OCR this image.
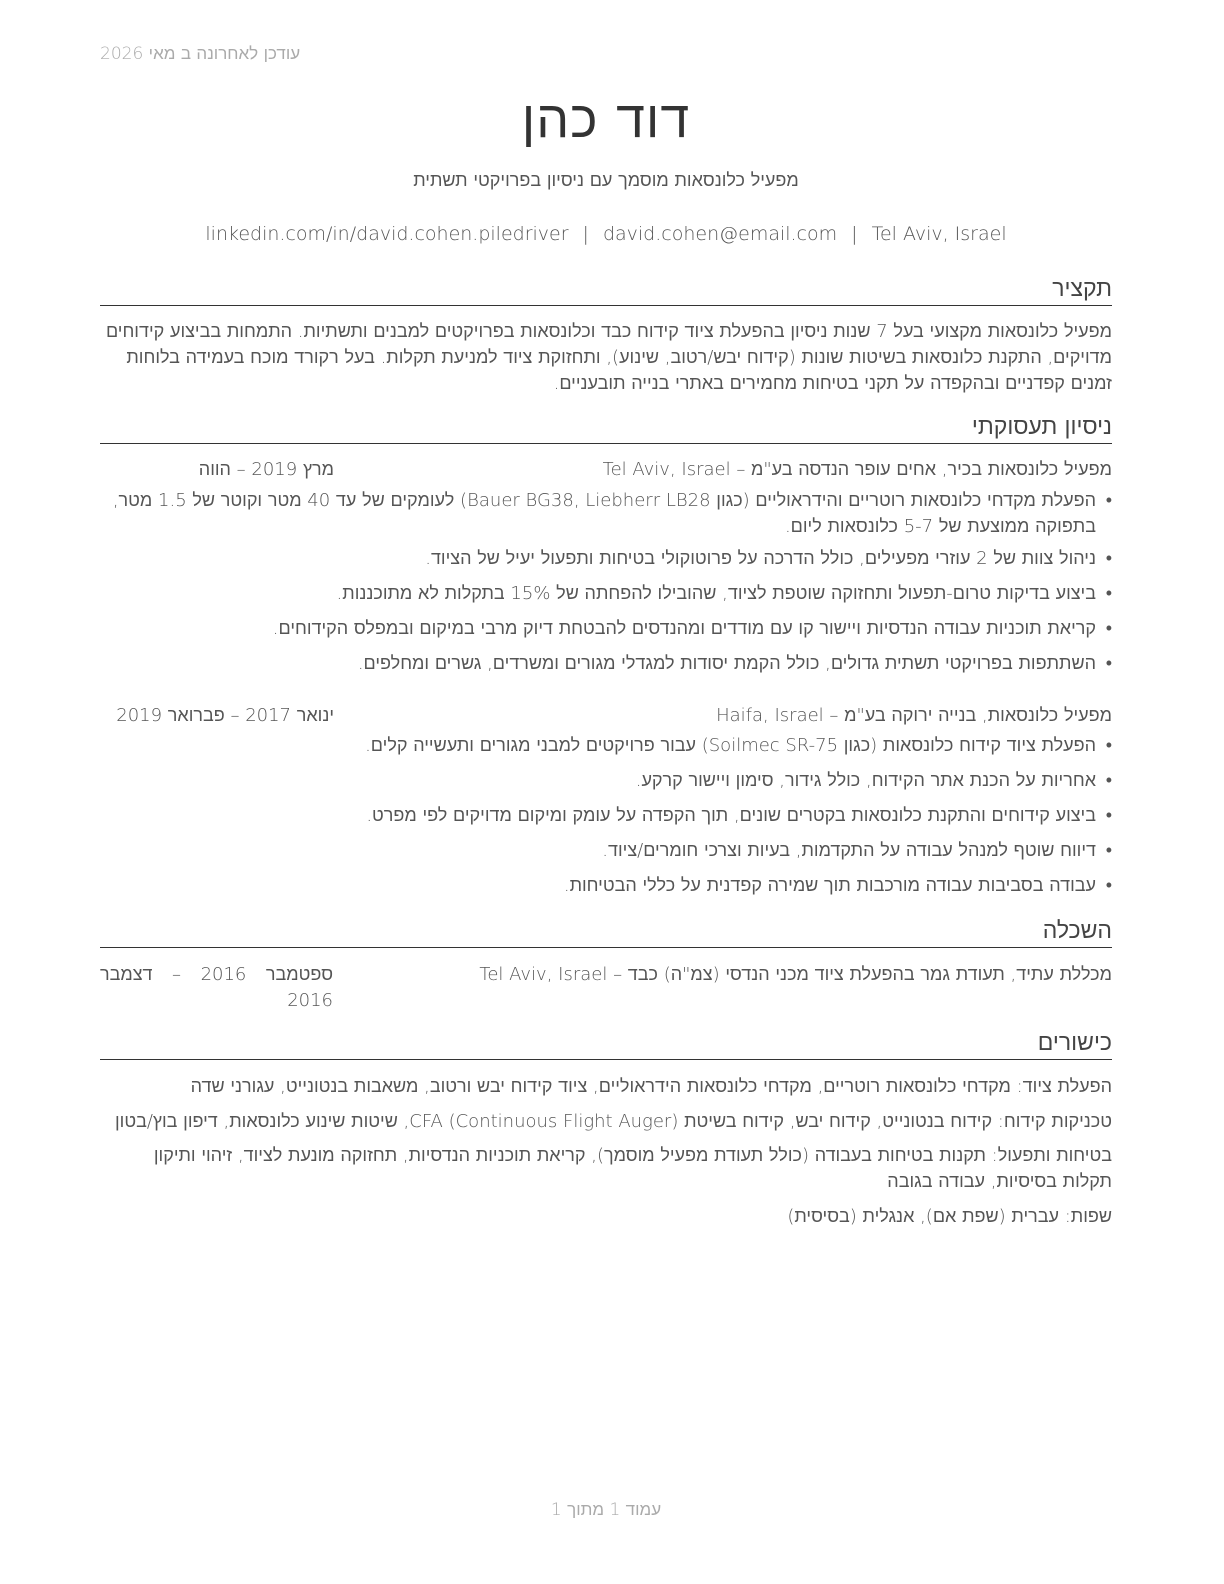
עודכן לאחרונה ב מאי 2026
דוד כהן
מפעיל כלונסאות מוסמך עם ניסיון בפרויקטי תשתית
linkedin.com/in/david.cohen.piledriver | david.cohen@email.com | Tel Aviv, Israel
תקציר
מפעיל כלונסאות מקצועי בעל 7 שנות ניסיון בהפעלת ציוד קידוח כבד וכלונסאות בפרויקטים למבנים ותשתיות. התמחות בביצוע קידוחים מדויקים, התקנת כלונסאות בשיטות שונות (קידוח יבש/רטוב, שינוע), ותחזוקת ציוד למניעת תקלות. בעל רקורד מוכח בעמידה בלוחות זמנים קפדניים ובהקפדה על תקני בטיחות מחמירים באתרי בנייה תובעניים.
ניסיון תעסוקתי
מפעיל כלונסאות בכיר, אחים עופר הנדסה בע"מ – Tel Aviv, Israel
מרץ 2019 – הווה
• הפעלת מקדחי כלונסאות רוטריים והידראוליים (כגון Bauer BG38, Liebherr LB28) לעומקים של עד 40 מטר וקוטר של 1.5 מטר, בתפוקה ממוצעת של 5-7 כלונסאות ליום.
• ניהול צוות של 2 עוזרי מפעילים, כולל הדרכה על פרוטוקולי בטיחות ותפעול יעיל של הציוד.
• ביצוע בדיקות טרום-תפעול ותחזוקה שוטפת לציוד, שהובילו להפחתה של 15% בתקלות לא מתוכננות.
• קריאת תוכניות עבודה הנדסיות ויישור קו עם מודדים ומהנדסים להבטחת דיוק מרבי במיקום ובמפלס הקידוחים.
• השתתפות בפרויקטי תשתית גדולים, כולל הקמת יסודות למגדלי מגורים ומשרדים, גשרים ומחלפים.
מפעיל כלונסאות, בנייה ירוקה בע"מ – Haifa, Israel
ינואר 2017 – פברואר 2019
• הפעלת ציוד קידוח כלונסאות (כגון Soilmec SR-75) עבור פרויקטים למבני מגורים ותעשייה קלים.
• אחריות על הכנת אתר הקידוח, כולל גידור, סימון ויישור קרקע.
• ביצוע קידוחים והתקנת כלונסאות בקטרים שונים, תוך הקפדה על עומק ומיקום מדויקים לפי מפרט.
• דיווח שוטף למנהל עבודה על התקדמות, בעיות וצרכי חומרים/ציוד.
• עבודה בסביבות עבודה מורכבות תוך שמירה קפדנית על כללי הבטיחות.
השכלה
מכללת עתיד, תעודת גמר בהפעלת ציוד מכני הנדסי (צמ"ה) כבד – Tel Aviv, Israel
ספטמבר 2016 – דצמבר 2016
כישורים
הפעלת ציוד: מקדחי כלונסאות רוטריים, מקדחי כלונסאות הידראוליים, ציוד קידוח יבש ורטוב, משאבות בנטונייט, עגורני שדה
טכניקות קידוח: קידוח בנטונייט, קידוח יבש, קידוח בשיטת CFA (Continuous Flight Auger), שיטות שינוע כלונסאות, דיפון בוץ/בטון
בטיחות ותפעול: תקנות בטיחות בעבודה (כולל תעודת מפעיל מוסמך), קריאת תוכניות הנדסיות, תחזוקה מונעת לציוד, זיהוי ותיקון תקלות בסיסיות, עבודה בגובה
שפות: עברית (שפת אם), אנגלית (בסיסית)
עמוד 1 מתוך 1
